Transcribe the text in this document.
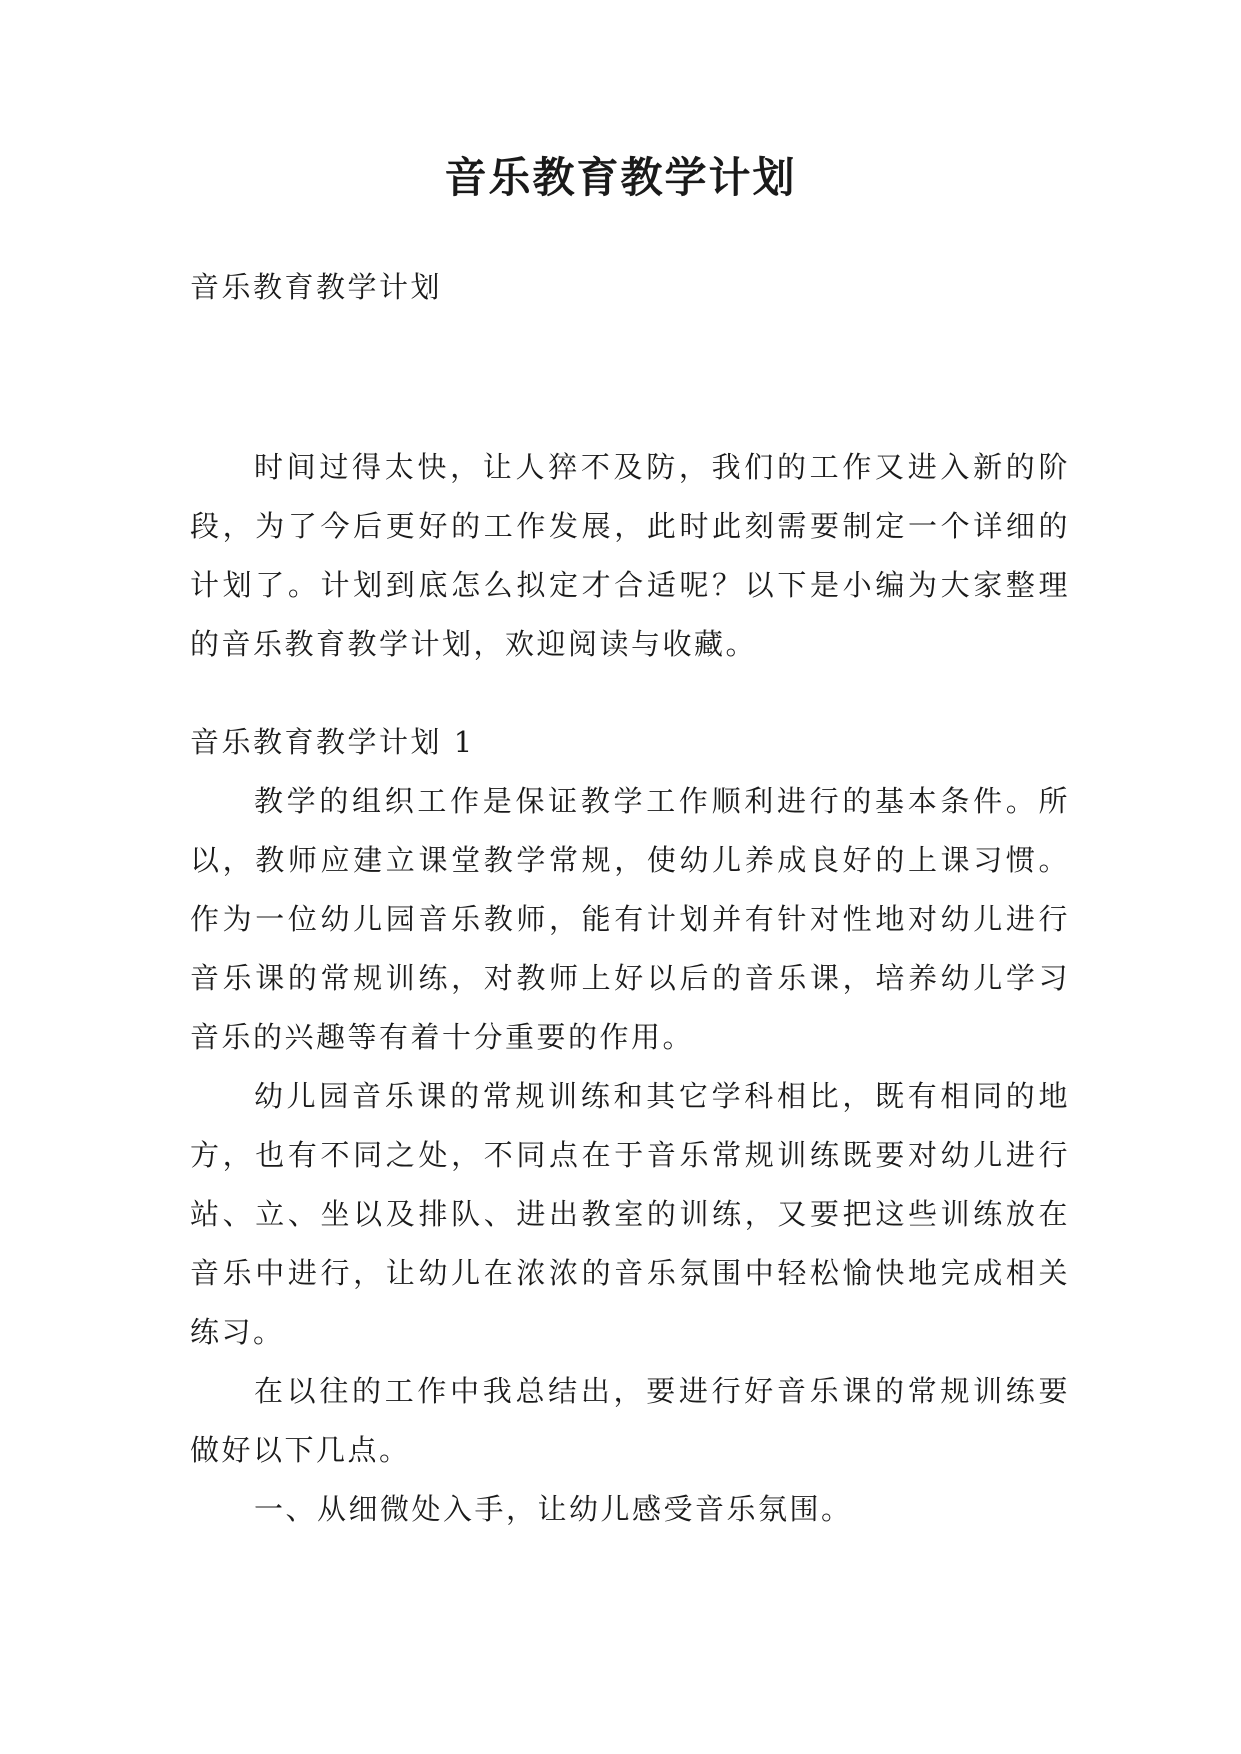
音乐教育教学计划

音乐教育教学计划

时间过得太快，让人猝不及防，我们的工作又进入新的阶段，为了今后更好的工作发展，此时此刻需要制定一个详细的计划了。计划到底怎么拟定才合适呢？以下是小编为大家整理的音乐教育教学计划，欢迎阅读与收藏。

音乐教育教学计划 1

教学的组织工作是保证教学工作顺利进行的基本条件。所以，教师应建立课堂教学常规，使幼儿养成良好的上课习惯。作为一位幼儿园音乐教师，能有计划并有针对性地对幼儿进行音乐课的常规训练，对教师上好以后的音乐课，培养幼儿学习音乐的兴趣等有着十分重要的作用。

幼儿园音乐课的常规训练和其它学科相比，既有相同的地方，也有不同之处，不同点在于音乐常规训练既要对幼儿进行站、立、坐以及排队、进出教室的训练，又要把这些训练放在音乐中进行，让幼儿在浓浓的音乐氛围中轻松愉快地完成相关练习。

在以往的工作中我总结出，要进行好音乐课的常规训练要做好以下几点。

一、从细微处入手，让幼儿感受音乐氛围。
